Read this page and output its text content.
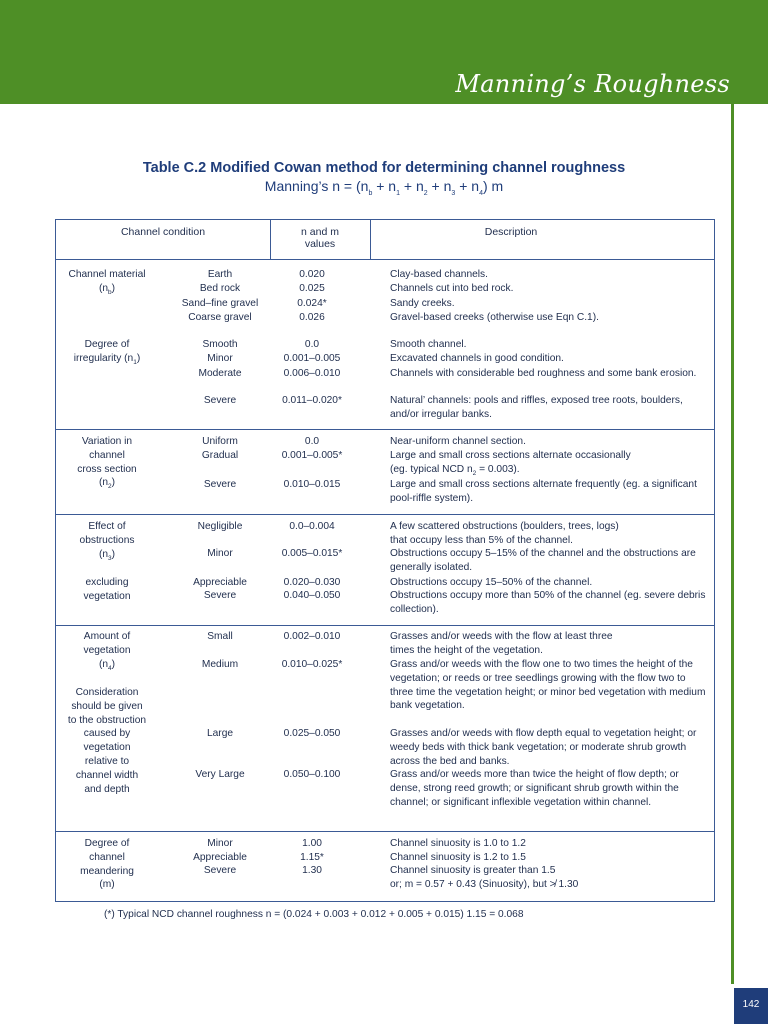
Manning’s Roughness
Table C.2 Modified Cowan method for determining channel roughness
Manning’s $n = (n_b + n_1 + n_2 + n_3 + n_4)$ m
Channel condition	n and m
values
Description
Channel material
$(n_b)$
Earth	0.020	Clay-based channels.
Bed rock	0.025	Channels cut into bed rock.
Sand–fine gravel	0.024*	Sandy creeks.
Coarse gravel	0.026	Gravel-based creeks (otherwise use Eqn C.1).
Degree of
irregularity $(n_1)$
Smooth	0.0	Smooth channel.
Minor	0.001–0.005	Excavated channels in good condition.
Moderate	0.006–0.010	Channels with considerable bed roughness and some bank erosion.
Severe	0.011–0.020*	Natural’ channels: pools and riffles, exposed tree roots, boulders, and/or irregular banks.
Variation in
channel
cross section
$(n_2)$
Uniform	0.0	Near-uniform channel section.
Gradual	0.001–0.005*	Large and small cross sections alternate occasionally
(eg. typical NCD $n_2 = 0.003$).
Severe	0.010–0.015	Large and small cross sections alternate frequently (eg. a significant pool-riffle system).
Effect of
obstructions
$(n_3)$
excluding
vegetation
Negligible	0.0–0.004	A few scattered obstructions (boulders, trees, logs)
that occupy less than 5% of the channel.
Minor	0.005–0.015*	Obstructions occupy 5–15% of the channel and the obstructions are generally isolated.
Appreciable	0.020–0.030	Obstructions occupy 15–50% of the channel.
Severe	0.040–0.050	Obstructions occupy more than 50% of the channel (eg. severe debris collection).
Amount of
vegetation
$(n_4)$
Consideration
should be given
to the obstruction
caused by
vegetation
relative to
channel width
and depth
Small	0.002–0.010	Grasses and/or weeds with the flow at least three
times the height of the vegetation.
Medium	0.010–0.025*	Grass and/or weeds with the flow one to two times the height of the vegetation; or reeds or tree seedlings growing with the flow two to three time the vegetation height; or minor bed vegetation with medium bank vegetation.
Large	0.025–0.050	Grasses and/or weeds with flow depth equal to vegetation height; or weedy beds with thick bank vegetation; or moderate shrub growth across the bed and banks.
Very Large	0.050–0.100	Grass and/or weeds more than twice the height of flow depth; or dense, strong reed growth; or significant shrub growth within the channel; or significant inflexible vegetation within channel.
Degree of
channel
meandering
(m)
Minor	1.00	Channel sinuosity is 1.0 to 1.2
Appreciable	1.15*	Channel sinuosity is 1.2 to 1.5
Severe	1.30	Channel sinuosity is greater than 1.5
or; m = 0.57 + 0.43 (Sinuosity), but ≯ 1.30
(*) Typical NCD channel roughness n = (0.024 + 0.003 + 0.012 + 0.005 + 0.015) 1.15 = 0.068
142
